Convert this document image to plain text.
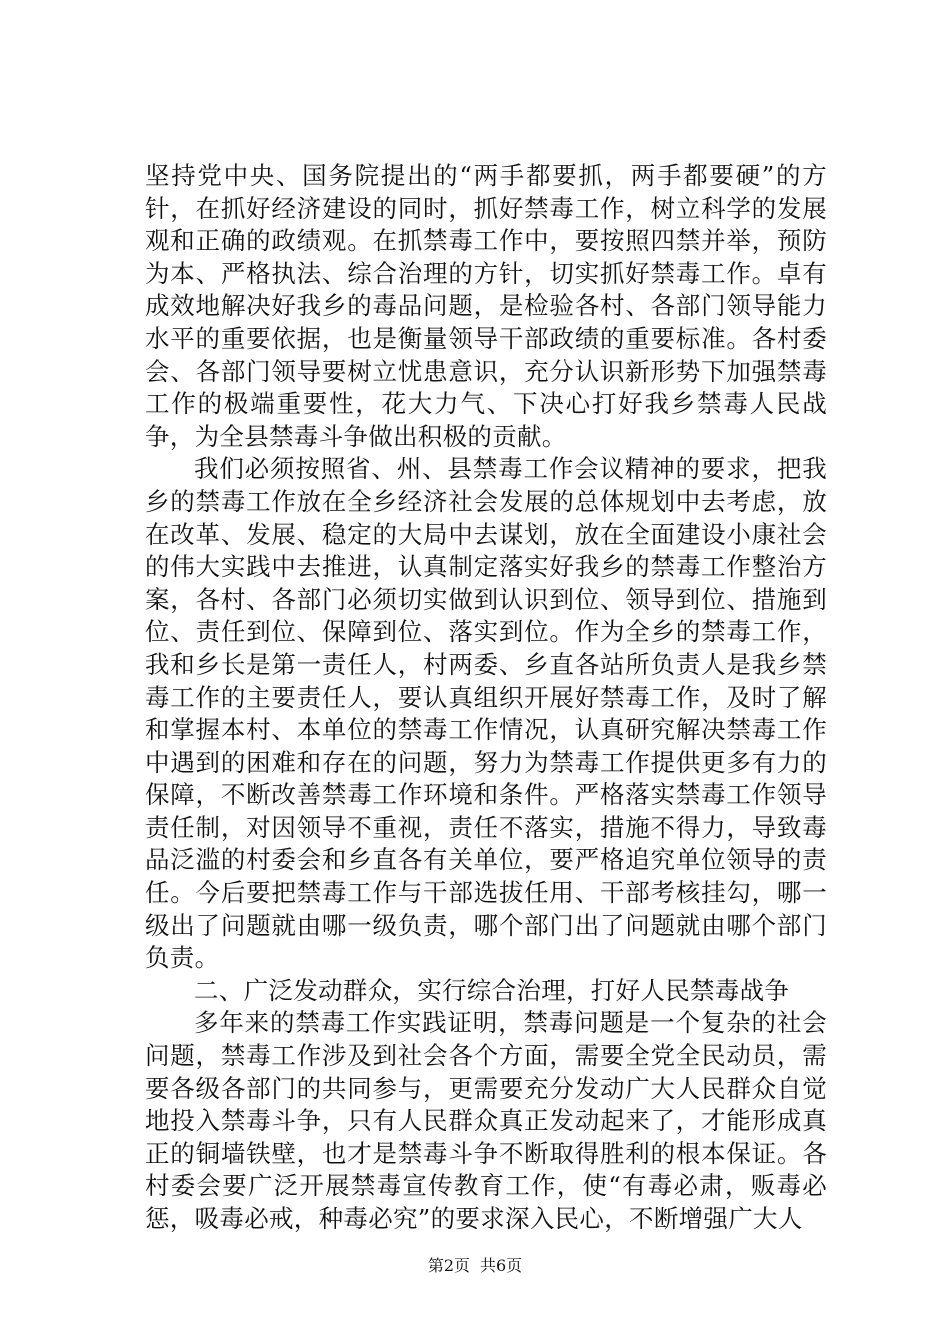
坚持党中央、国务院提出的“两手都要抓，两手都要硬”的方针，在抓好经济建设的同时，抓好禁毒工作，树立科学的发展观和正确的政绩观。在抓禁毒工作中，要按照四禁并举，预防为本、严格执法、综合治理的方针，切实抓好禁毒工作。卓有成效地解决好我乡的毒品问题，是检验各村、各部门领导能力水平的重要依据，也是衡量领导干部政绩的重要标准。各村委会、各部门领导要树立忧患意识，充分认识新形势下加强禁毒工作的极端重要性，花大力气、下决心打好我乡禁毒人民战争，为全县禁毒斗争做出积极的贡献。

我们必须按照省、州、县禁毒工作会议精神的要求，把我乡的禁毒工作放在全乡经济社会发展的总体规划中去考虑，放在改革、发展、稳定的大局中去谋划，放在全面建设小康社会的伟大实践中去推进，认真制定落实好我乡的禁毒工作整治方案，各村、各部门必须切实做到认识到位、领导到位、措施到位、责任到位、保障到位、落实到位。作为全乡的禁毒工作，我和乡长是第一责任人，村两委、乡直各站所负责人是我乡禁毒工作的主要责任人，要认真组织开展好禁毒工作，及时了解和掌握本村、本单位的禁毒工作情况，认真研究解决禁毒工作中遇到的困难和存在的问题，努力为禁毒工作提供更多有力的保障，不断改善禁毒工作环境和条件。严格落实禁毒工作领导责任制，对因领导不重视，责任不落实，措施不得力，导致毒品泛滥的村委会和乡直各有关单位，要严格追究单位领导的责任。今后要把禁毒工作与干部选拔任用、干部考核挂勾，哪一级出了问题就由哪一级负责，哪个部门出了问题就由哪个部门负责。

二、广泛发动群众，实行综合治理，打好人民禁毒战争

多年来的禁毒工作实践证明，禁毒问题是一个复杂的社会问题，禁毒工作涉及到社会各个方面，需要全党全民动员，需要各级各部门的共同参与，更需要充分发动广大人民群众自觉地投入禁毒斗争，只有人民群众真正发动起来了，才能形成真正的铜墙铁壁，也才是禁毒斗争不断取得胜利的根本保证。各村委会要广泛开展禁毒宣传教育工作，使“有毒必肃，贩毒必惩，吸毒必戒，种毒必究”的要求深入民心，不断增强广大人

第2页 共6页
